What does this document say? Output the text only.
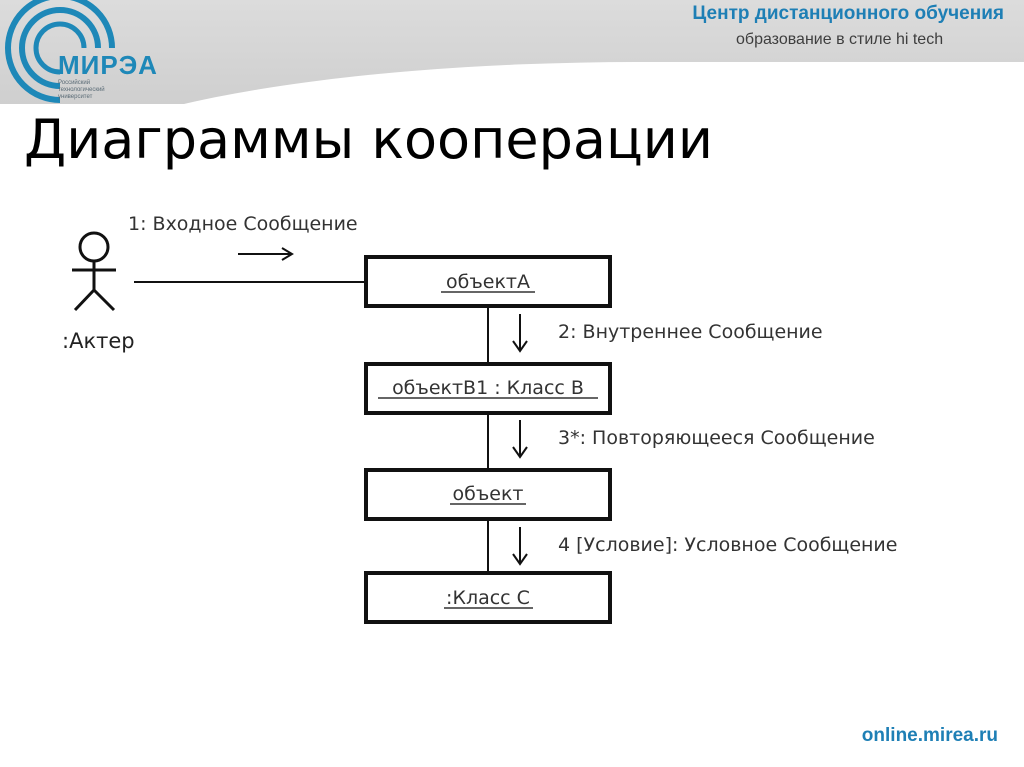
МИРЭА
Российский технологический университет
Центр дистанционного обучения
образование в стиле hi tech
Диаграммы кооперации
:Актер
1: Входное Сообщение
объектА
объектВ1 : Класс В
объект
:Класс С
2: Внутреннее Сообщение
3*: Повторяющееся Сообщение
4 [Условие]: Условное Сообщение
online.mirea.ru
